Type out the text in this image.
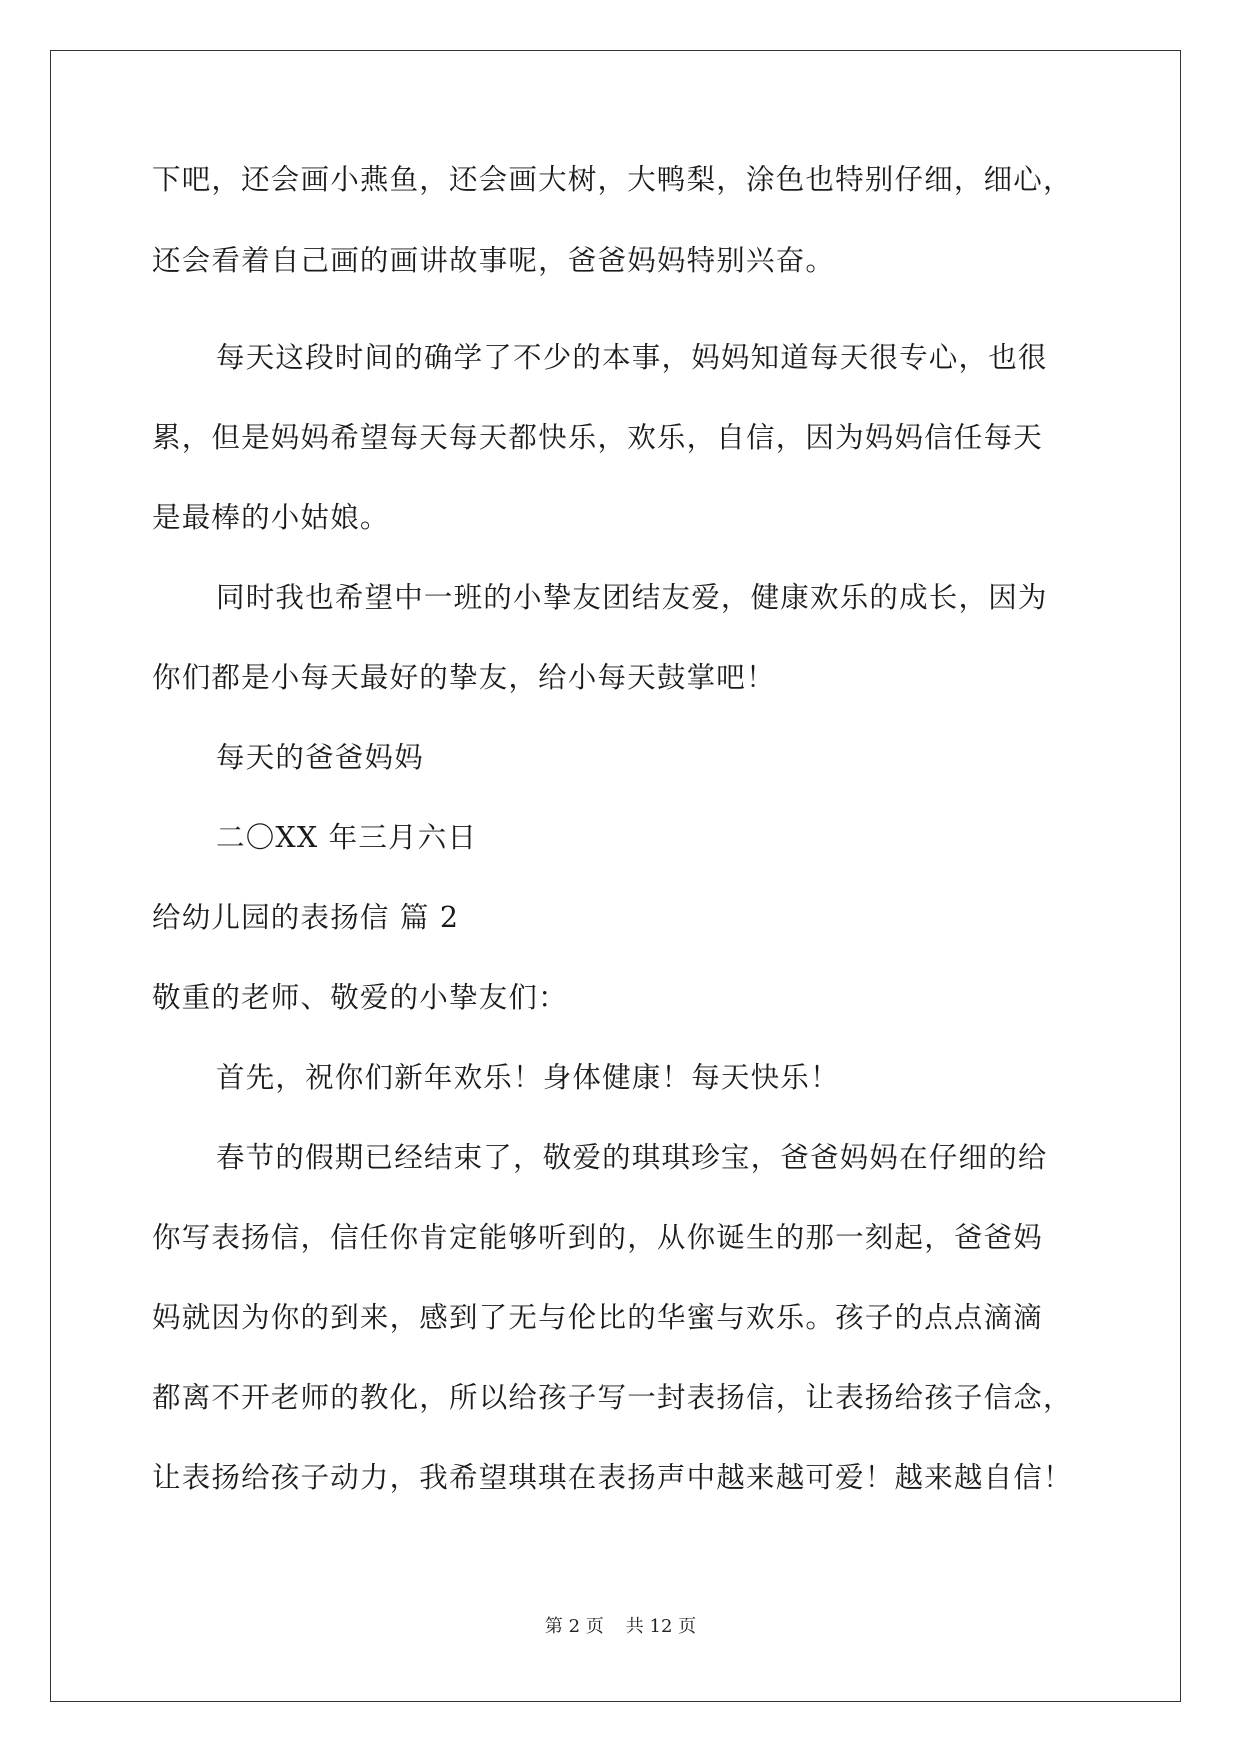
下吧，还会画小燕鱼，还会画大树，大鸭梨，涂色也特别仔细，细心，
还会看着自己画的画讲故事呢，爸爸妈妈特别兴奋。
每天这段时间的确学了不少的本事，妈妈知道每天很专心，也很
累，但是妈妈希望每天每天都快乐，欢乐，自信，因为妈妈信任每天
是最棒的小姑娘。
同时我也希望中一班的小挚友团结友爱，健康欢乐的成长，因为
你们都是小每天最好的挚友，给小每天鼓掌吧！
每天的爸爸妈妈
二〇XX 年三月六日
给幼儿园的表扬信 篇 2
敬重的老师、敬爱的小挚友们：
首先，祝你们新年欢乐！身体健康！每天快乐！
春节的假期已经结束了，敬爱的琪琪珍宝，爸爸妈妈在仔细的给
你写表扬信，信任你肯定能够听到的，从你诞生的那一刻起，爸爸妈
妈就因为你的到来，感到了无与伦比的华蜜与欢乐。孩子的点点滴滴
都离不开老师的教化，所以给孩子写一封表扬信，让表扬给孩子信念，
让表扬给孩子动力，我希望琪琪在表扬声中越来越可爱！越来越自信！
第 2 页 共 12 页
